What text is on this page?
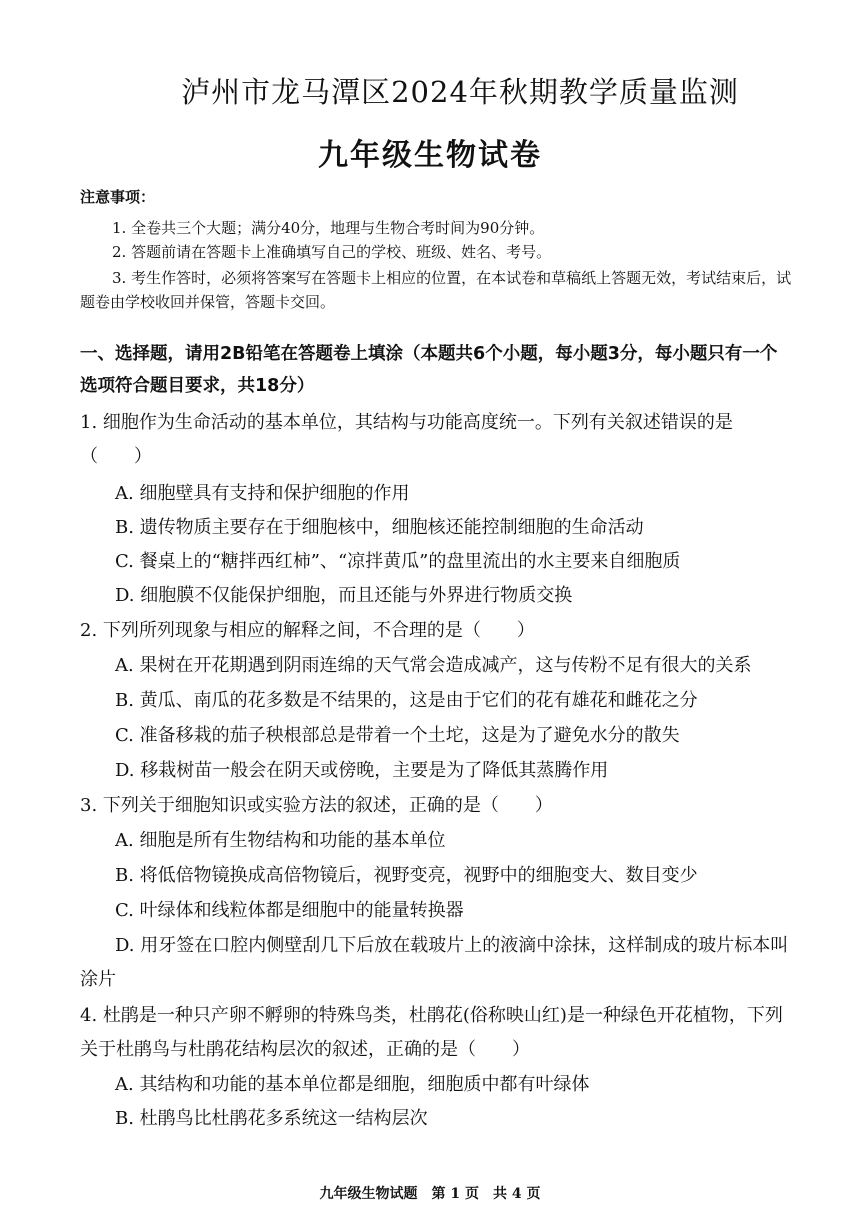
泸州市龙马潭区2024年秋期教学质量监测
九年级生物试卷
注意事项：
1. 全卷共三个大题；满分40分，地理与生物合考时间为90分钟。
2. 答题前请在答题卡上准确填写自己的学校、班级、姓名、考号。
3. 考生作答时，必须将答案写在答题卡上相应的位置，在本试卷和草稿纸上答题无效，考试结束后，试题卷由学校收回并保管，答题卡交回。
一、选择题，请用2B铅笔在答题卷上填涂（本题共6个小题，每小题3分，每小题只有一个选项符合题目要求，共18分）
1. 细胞作为生命活动的基本单位，其结构与功能高度统一。下列有关叙述错误的是（　　）
A. 细胞壁具有支持和保护细胞的作用
B. 遗传物质主要存在于细胞核中，细胞核还能控制细胞的生命活动
C. 餐桌上的“糖拌西红柿”、“凉拌黄瓜”的盘里流出的水主要来自细胞质
D. 细胞膜不仅能保护细胞，而且还能与外界进行物质交换
2. 下列所列现象与相应的解释之间，不合理的是（　　）
A. 果树在开花期遇到阴雨连绵的天气常会造成减产，这与传粉不足有很大的关系
B. 黄瓜、南瓜的花多数是不结果的，这是由于它们的花有雄花和雌花之分
C. 准备移栽的茄子秧根部总是带着一个土坨，这是为了避免水分的散失
D. 移栽树苗一般会在阴天或傍晚，主要是为了降低其蒸腾作用
3. 下列关于细胞知识或实验方法的叙述，正确的是（　　）
A. 细胞是所有生物结构和功能的基本单位
B. 将低倍物镜换成高倍物镜后，视野变亮，视野中的细胞变大、数目变少
C. 叶绿体和线粒体都是细胞中的能量转换器
D. 用牙签在口腔内侧壁刮几下后放在载玻片上的液滴中涂抹，这样制成的玻片标本叫涂片
4. 杜鹃是一种只产卵不孵卵的特殊鸟类，杜鹃花(俗称映山红)是一种绿色开花植物，下列关于杜鹃鸟与杜鹃花结构层次的叙述，正确的是（　　）
A. 其结构和功能的基本单位都是细胞，细胞质中都有叶绿体
B. 杜鹃鸟比杜鹃花多系统这一结构层次
九年级生物试题　第 1 页　共 4 页
